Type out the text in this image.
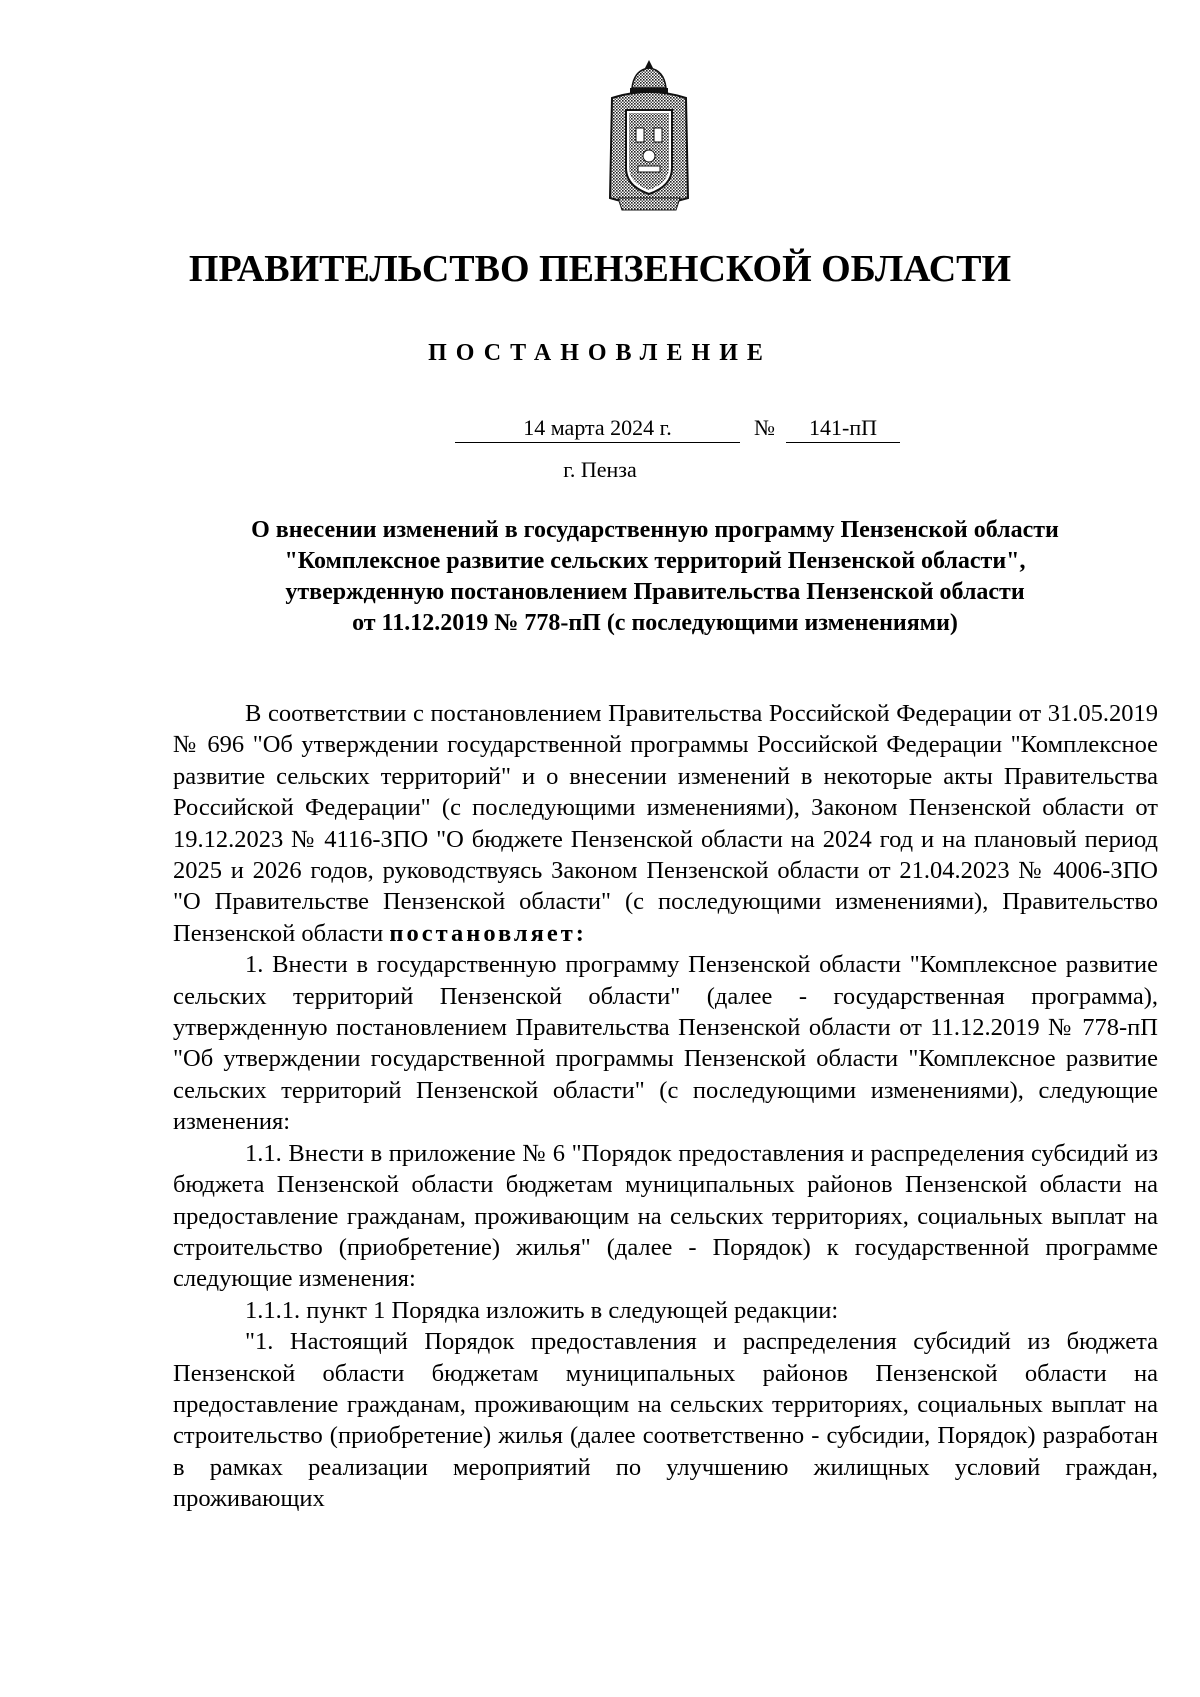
ПРАВИТЕЛЬСТВО ПЕНЗЕНСКОЙ ОБЛАСТИ
ПОСТАНОВЛЕНИЕ
14 марта 2024 г.	№	141-пП
г. Пенза
О внесении изменений в государственную программу Пензенской области
"Комплексное развитие сельских территорий Пензенской области",
утвержденную постановлением Правительства Пензенской области
от 11.12.2019 № 778-пП (с последующими изменениями)

В соответствии с постановлением Правительства Российской Федерации от 31.05.2019 № 696 "Об утверждении государственной программы Российской Федерации "Комплексное развитие сельских территорий" и о внесении изменений в некоторые акты Правительства Российской Федерации" (с последующими изменениями), Законом Пензенской области от 19.12.2023 № 4116-ЗПО "О бюджете Пензенской области на 2024 год и на плановый период 2025 и 2026 годов, руководствуясь Законом Пензенской области от 21.04.2023 № 4006-ЗПО "О Правительстве Пензенской области" (с последующими изменениями), Правительство Пензенской области постановляет:

1. Внести в государственную программу Пензенской области "Комплексное развитие сельских территорий Пензенской области" (далее - государственная программа), утвержденную постановлением Правительства Пензенской области от 11.12.2019 № 778-пП "Об утверждении государственной программы Пензенской области "Комплексное развитие сельских территорий Пензенской области" (с последующими изменениями), следующие изменения:

1.1. Внести в приложение № 6 "Порядок предоставления и распределения субсидий из бюджета Пензенской области бюджетам муниципальных районов Пензенской области на предоставление гражданам, проживающим на сельских территориях, социальных выплат на строительство (приобретение) жилья" (далее - Порядок) к государственной программе следующие изменения:

1.1.1. пункт 1 Порядка изложить в следующей редакции:

"1. Настоящий Порядок предоставления и распределения субсидий из бюджета Пензенской области бюджетам муниципальных районов Пензенской области на предоставление гражданам, проживающим на сельских территориях, социальных выплат на строительство (приобретение) жилья (далее соответственно - субсидии, Порядок) разработан в рамках реализации мероприятий по улучшению жилищных условий граждан, проживающих
